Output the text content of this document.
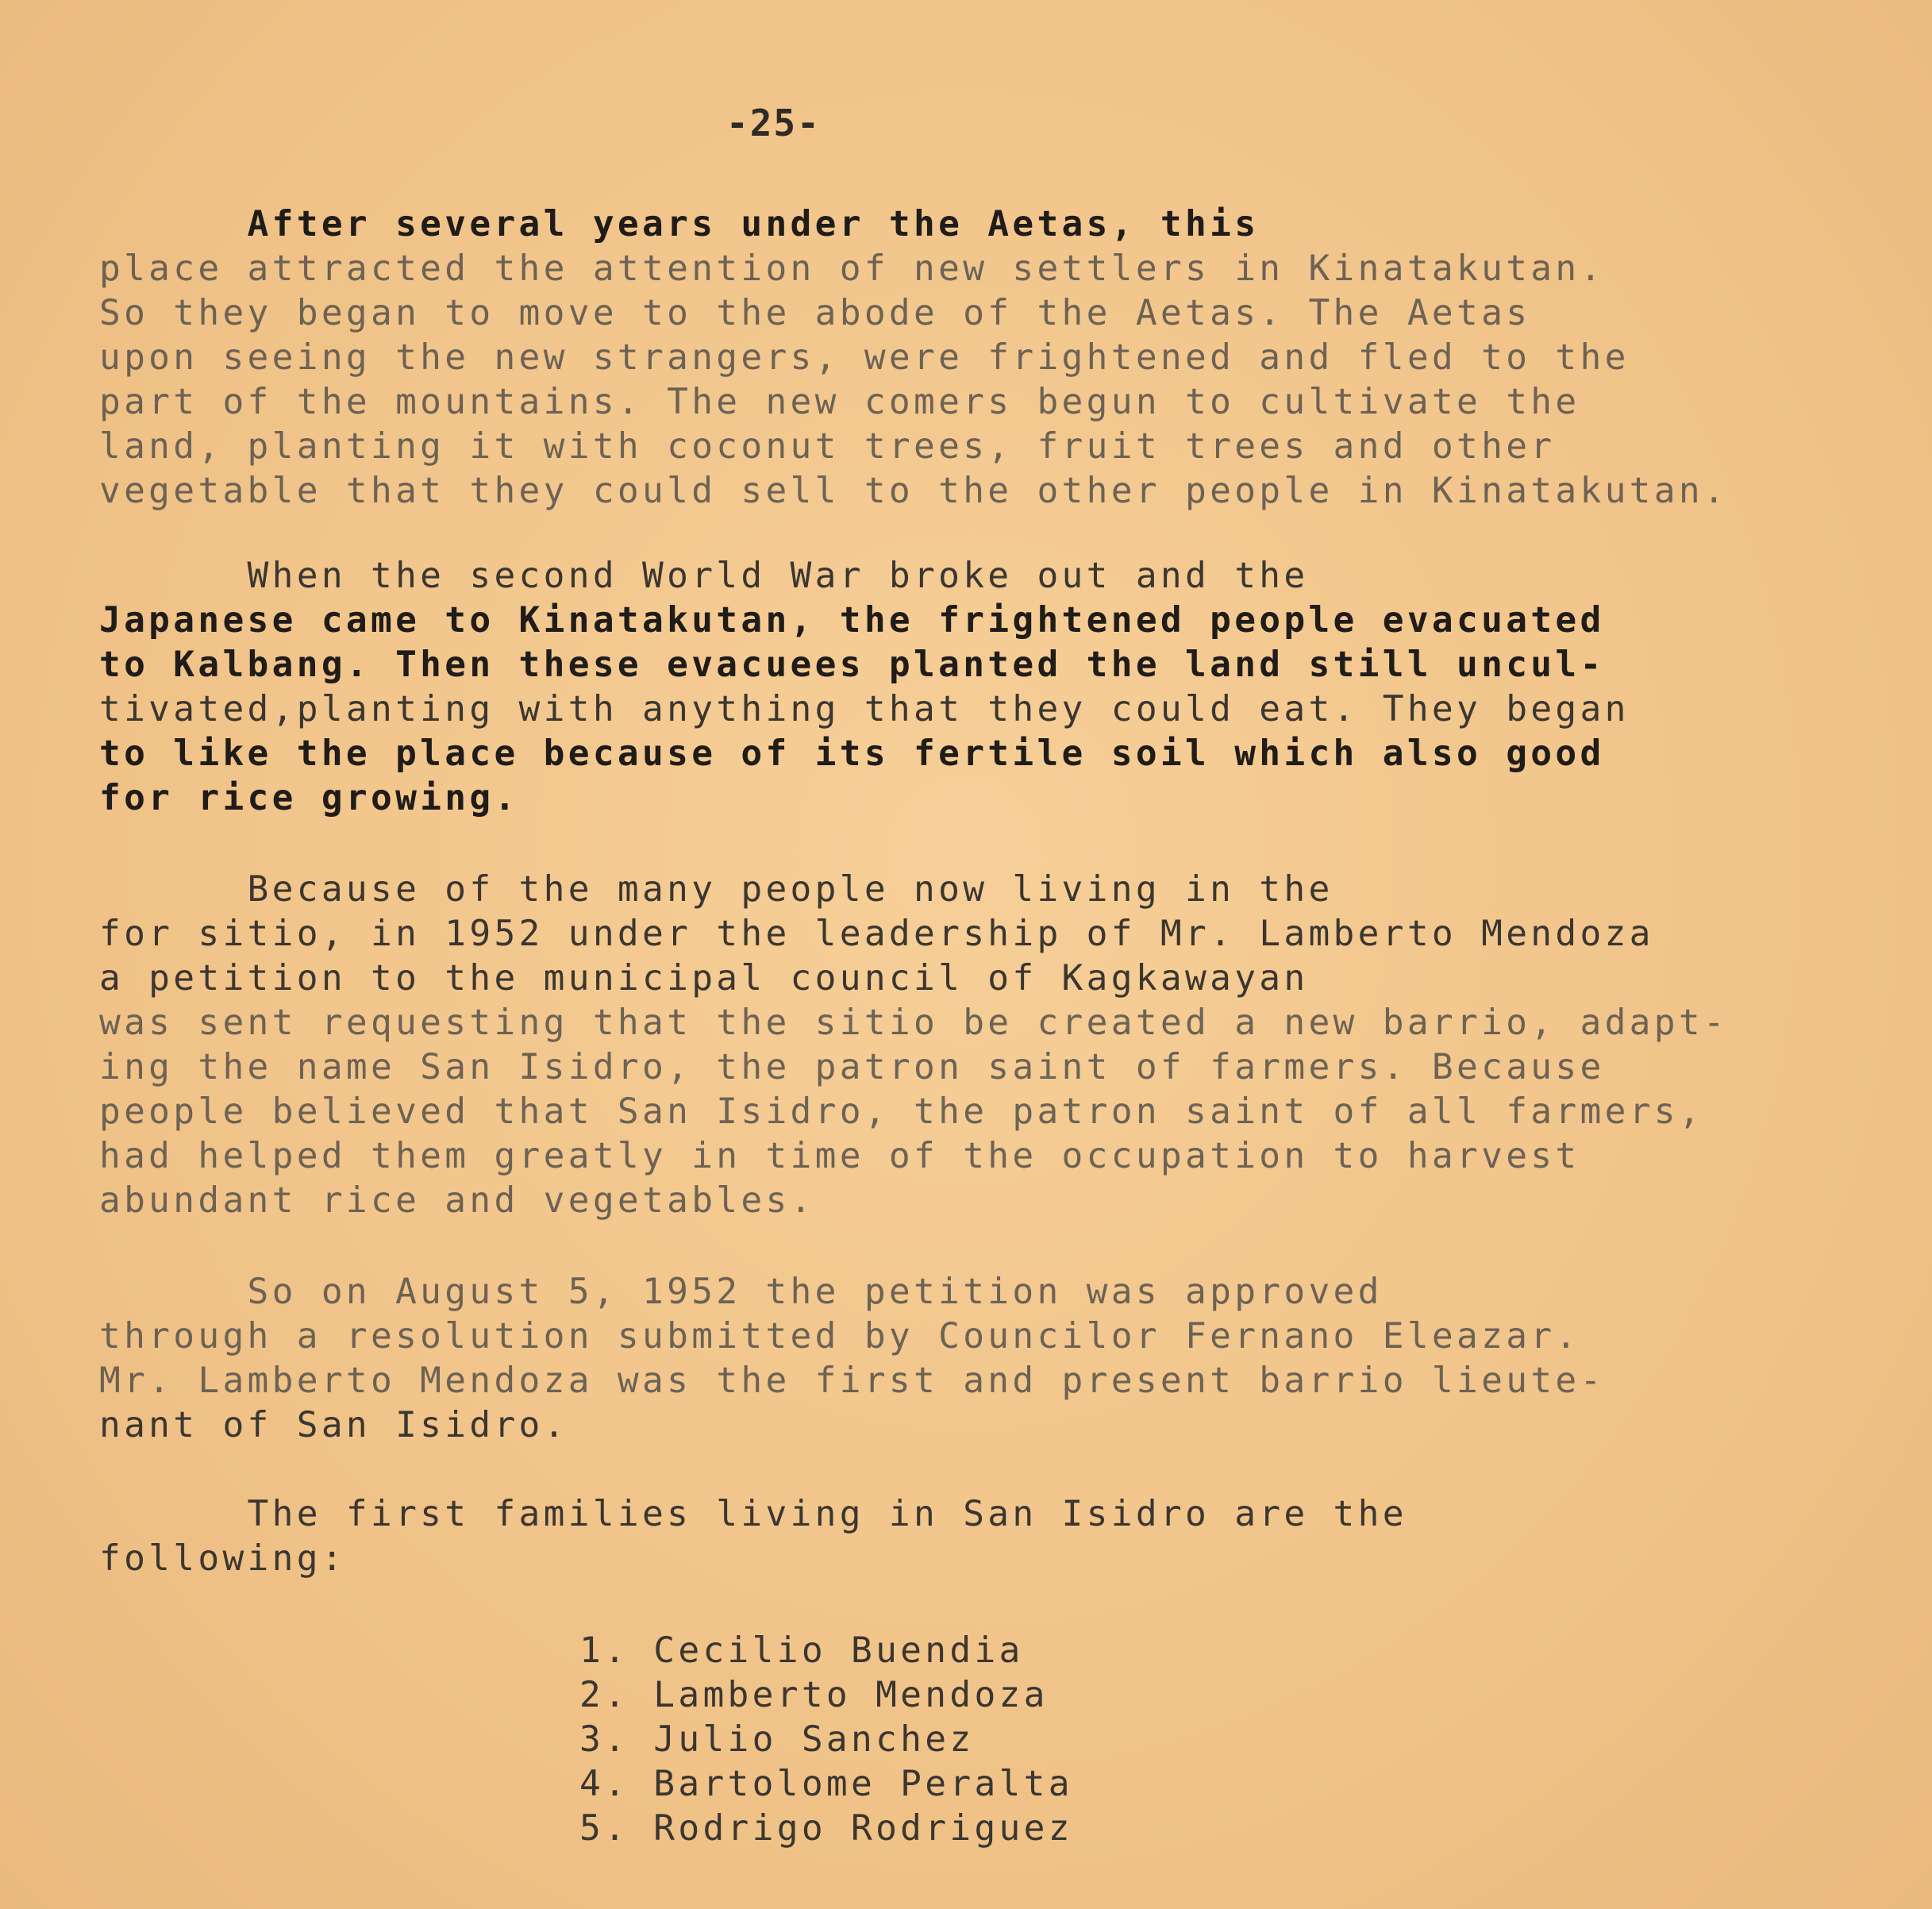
-25-
After several years under the Aetas, this
place attracted the attention of new settlers in Kinatakutan.
So they began to move to the abode of the Aetas. The Aetas
upon seeing the new strangers, were frightened and fled to the
part of the mountains. The new comers begun to cultivate the
land, planting it with coconut trees, fruit trees and other
vegetable that they could sell to the other people in Kinatakutan.
When the second World War broke out and the
Japanese came to Kinatakutan, the frightened people evacuated
to Kalbang. Then these evacuees planted the land still uncul-
tivated,planting with anything that they could eat. They began
to like the place because of its fertile soil which also good
for rice growing.
Because of the many people now living in the
for sitio, in 1952 under the leadership of Mr. Lamberto Mendoza
a petition to the municipal council of Kagkawayan
was sent requesting that the sitio be created a new barrio, adapt-
ing the name San Isidro, the patron saint of farmers. Because
people believed that San Isidro, the patron saint of all farmers,
had helped them greatly in time of the occupation to harvest
abundant rice and vegetables.
So on August 5, 1952 the petition was approved
through a resolution submitted by Councilor Fernano Eleazar.
Mr. Lamberto Mendoza was the first and present barrio lieute-
nant of San Isidro.
The first families living in San Isidro are the
following:
1. Cecilio Buendia
2. Lamberto Mendoza
3. Julio Sanchez
4. Bartolome Peralta
5. Rodrigo Rodriguez
